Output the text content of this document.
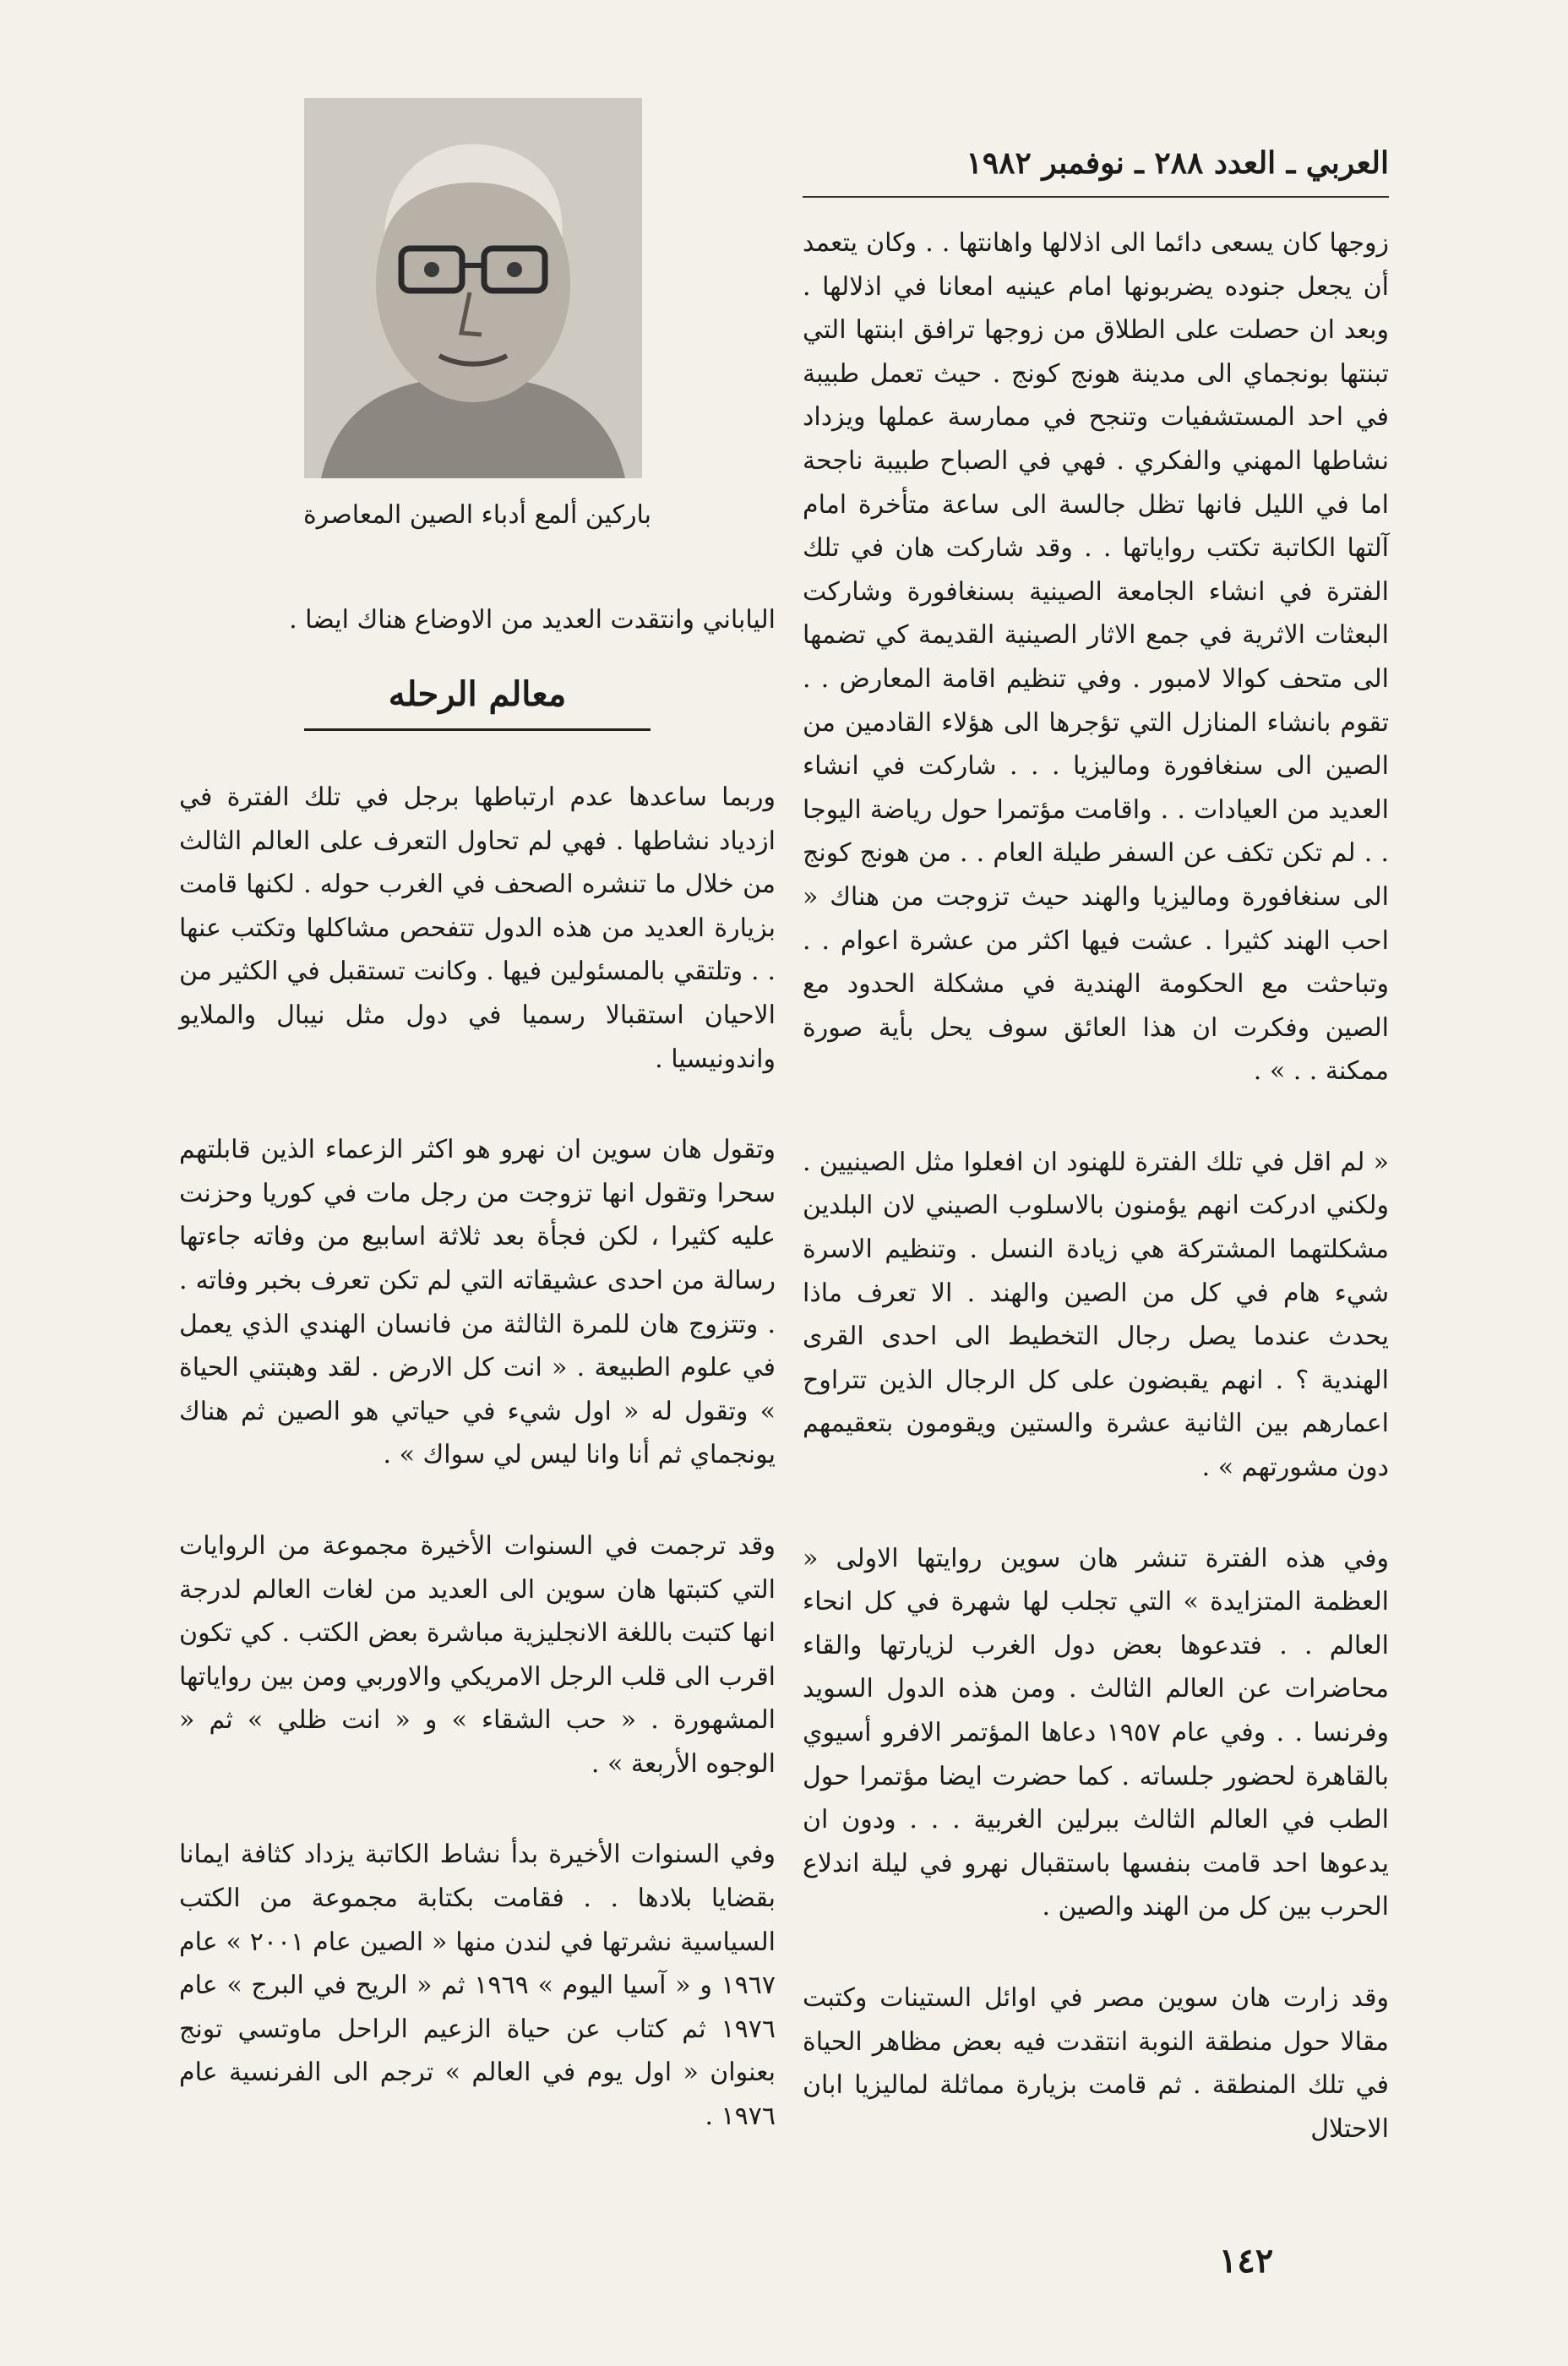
العربي ـ العدد ٢٨٨ ـ نوفمبر ١٩٨٢
باركين ألمع أدباء الصين المعاصرة

زوجها كان يسعى دائما الى اذلالها واهانتها . . وكان يتعمد أن يجعل جنوده يضربونها امام عينيه امعانا في اذلالها . وبعد ان حصلت على الطلاق من زوجها ترافق ابنتها التي تبنتها بونجماي الى مدينة هونج كونج . حيث تعمل طبيبة في احد المستشفيات وتنجح في ممارسة عملها ويزداد نشاطها المهني والفكري . فهي في الصباح طبيبة ناجحة اما في الليل فانها تظل جالسة الى ساعة متأخرة امام آلتها الكاتبة تكتب رواياتها . . وقد شاركت هان في تلك الفترة في انشاء الجامعة الصينية بسنغافورة وشاركت البعثات الاثرية في جمع الاثار الصينية القديمة كي تضمها الى متحف كوالا لامبور . وفي تنظيم اقامة المعارض . . تقوم بانشاء المنازل التي تؤجرها الى هؤلاء القادمين من الصين الى سنغافورة وماليزيا . . . شاركت في انشاء العديد من العيادات . . واقامت مؤتمرا حول رياضة اليوجا . . لم تكن تكف عن السفر طيلة العام . . من هونج كونج الى سنغافورة وماليزيا والهند حيث تزوجت من هناك « احب الهند كثيرا . عشت فيها اكثر من عشرة اعوام . . وتباحثت مع الحكومة الهندية في مشكلة الحدود مع الصين وفكرت ان هذا العائق سوف يحل بأية صورة ممكنة . . » .

« لم اقل في تلك الفترة للهنود ان افعلوا مثل الصينيين . ولكني ادركت انهم يؤمنون بالاسلوب الصيني لان البلدين مشكلتهما المشتركة هي زيادة النسل . وتنظيم الاسرة شيء هام في كل من الصين والهند . الا تعرف ماذا يحدث عندما يصل رجال التخطيط الى احدى القرى الهندية ؟ . انهم يقبضون على كل الرجال الذين تتراوح اعمارهم بين الثانية عشرة والستين ويقومون بتعقيمهم دون مشورتهم » .

وفي هذه الفترة تنشر هان سوين روايتها الاولى « العظمة المتزايدة » التي تجلب لها شهرة في كل انحاء العالم . . فتدعوها بعض دول الغرب لزيارتها والقاء محاضرات عن العالم الثالث . ومن هذه الدول السويد وفرنسا . . وفي عام ١٩٥٧ دعاها المؤتمر الافرو أسيوي بالقاهرة لحضور جلساته . كما حضرت ايضا مؤتمرا حول الطب في العالم الثالث ببرلين الغربية . . . ودون ان يدعوها احد قامت بنفسها باستقبال نهرو في ليلة اندلاع الحرب بين كل من الهند والصين .

وقد زارت هان سوين مصر في اوائل الستينات وكتبت مقالا حول منطقة النوبة انتقدت فيه بعض مظاهر الحياة في تلك المنطقة . ثم قامت بزيارة مماثلة لماليزيا ابان الاحتلال

الياباني وانتقدت العديد من الاوضاع هناك ايضا .

معالم الرحله

وربما ساعدها عدم ارتباطها برجل في تلك الفترة في ازدياد نشاطها . فهي لم تحاول التعرف على العالم الثالث من خلال ما تنشره الصحف في الغرب حوله . لكنها قامت بزيارة العديد من هذه الدول تتفحص مشاكلها وتكتب عنها . . وتلتقي بالمسئولين فيها . وكانت تستقبل في الكثير من الاحيان استقبالا رسميا في دول مثل نيبال والملايو واندونيسيا .

وتقول هان سوين ان نهرو هو اكثر الزعماء الذين قابلتهم سحرا وتقول انها تزوجت من رجل مات في كوريا وحزنت عليه كثيرا ، لكن فجأة بعد ثلاثة اسابيع من وفاته جاءتها رسالة من احدى عشيقاته التي لم تكن تعرف بخبر وفاته . . وتتزوج هان للمرة الثالثة من فانسان الهندي الذي يعمل في علوم الطبيعة . « انت كل الارض . لقد وهبتني الحياة » وتقول له « اول شيء في حياتي هو الصين ثم هناك يونجماي ثم أنا وانا ليس لي سواك » .

وقد ترجمت في السنوات الأخيرة مجموعة من الروايات التي كتبتها هان سوين الى العديد من لغات العالم لدرجة انها كتبت باللغة الانجليزية مباشرة بعض الكتب . كي تكون اقرب الى قلب الرجل الامريكي والاوربي ومن بين رواياتها المشهورة . « حب الشقاء » و « انت ظلي » ثم « الوجوه الأربعة » .

وفي السنوات الأخيرة بدأ نشاط الكاتبة يزداد كثافة ايمانا بقضايا بلادها . . فقامت بكتابة مجموعة من الكتب السياسية نشرتها في لندن منها « الصين عام ٢٠٠١ » عام ١٩٦٧ و « آسيا اليوم » ١٩٦٩ ثم « الريح في البرج » عام ١٩٧٦ ثم كتاب عن حياة الزعيم الراحل ماوتسي تونج بعنوان « اول يوم في العالم » ترجم الى الفرنسية عام ١٩٧٦ .

١٤٢
